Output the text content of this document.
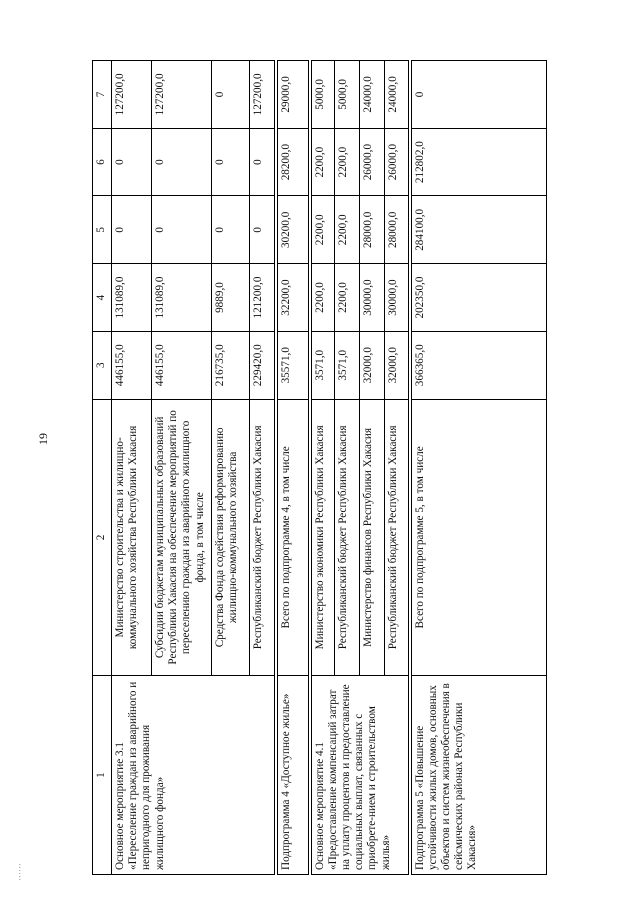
19
' ' ' ' ' '
1	2	3	4	5	6	7
Основное мероприятие 3.1 «Переселение граждан из аварийного и непригодного для проживания жилищного фонда»	Министерство строительства и жилищно-коммунального хозяйства Республики Хакасия	446155,0	131089,0	0	0	127200,0
	Субсидии бюджетам муниципальных образований Республики Хакасия на обеспечение мероприятий по переселению граждан из аварийного жилищного фонда, в том числе	446155,0	131089,0	0	0	127200,0
	Средства Фонда содействия реформированию жилищно-коммунального хозяйства	216735,0	9889,0	0	0	0
	Республиканский бюджет Республики Хакасия	229420,0	121200,0	0	0	127200,0
Подпрограмма 4 «Доступное жилье»	Всего по подпрограмме 4, в том числе	35571,0	32200,0	30200,0	28200,0	29000,0
Основное мероприятие 4.1 «Предоставление компенсаций затрат на уплату процентов и предоставление социальных выплат, связанных с приобрете-нием и строительством жилья»	Министерство экономики Республики Хакасия	3571,0	2200,0	2200,0	2200,0	5000,0
	Республиканский бюджет Республики Хакасия	3571,0	2200,0	2200,0	2200,0	5000,0
	Министерство финансов Республики Хакасия	32000,0	30000,0	28000,0	26000,0	24000,0
	Республиканский бюджет Республики Хакасия	32000,0	30000,0	28000,0	26000,0	24000,0
Подпрограмма 5 «Повышение устойчивости жилых домов, основных объектов и систем жизнеобеспечения в сейсмических районах Республики Хакасия»	Всего по подпрограмме 5, в том числе	366365,0	202350,0	284100,0	212802,0	0
